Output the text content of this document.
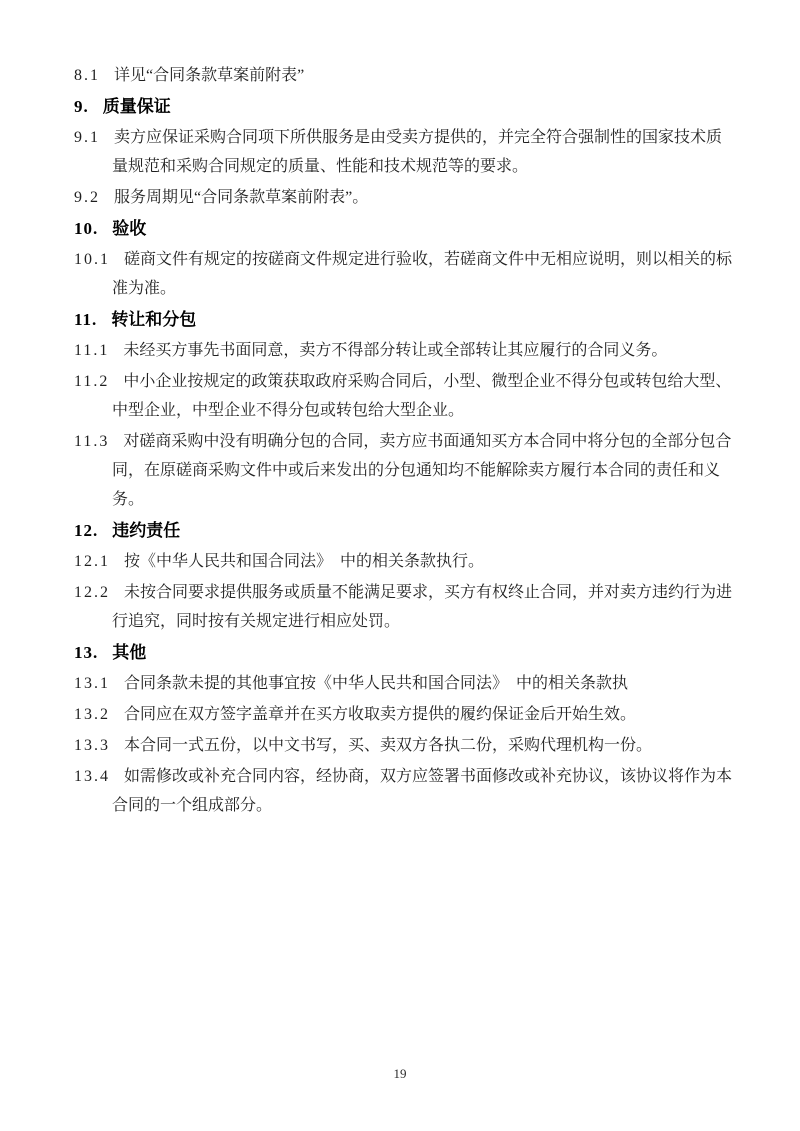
8.1 详见“合同条款草案前附表”
9. 质量保证
9.1 卖方应保证采购合同项下所供服务是由受卖方提供的，并完全符合强制性的国家技术质
量规范和采购合同规定的质量、性能和技术规范等的要求。
9.2 服务周期见“合同条款草案前附表”。
10. 验收
10.1 磋商文件有规定的按磋商文件规定进行验收，若磋商文件中无相应说明，则以相关的标
准为准。
11. 转让和分包
11.1 未经买方事先书面同意，卖方不得部分转让或全部转让其应履行的合同义务。
11.2 中小企业按规定的政策获取政府采购合同后，小型、微型企业不得分包或转包给大型、
中型企业，中型企业不得分包或转包给大型企业。
11.3 对磋商采购中没有明确分包的合同，卖方应书面通知买方本合同中将分包的全部分包合
同，在原磋商采购文件中或后来发出的分包通知均不能解除卖方履行本合同的责任和义
务。
12. 违约责任
12.1 按《中华人民共和国合同法》　中的相关条款执行。
12.2 未按合同要求提供服务或质量不能满足要求，买方有权终止合同，并对卖方违约行为进
行追究，同时按有关规定进行相应处罚。
13. 其他
13.1 合同条款未提的其他事宜按《中华人民共和国合同法》　中的相关条款执
13.2 合同应在双方签字盖章并在买方收取卖方提供的履约保证金后开始生效。
13.3 本合同一式五份，以中文书写，买、卖双方各执二份，采购代理机构一份。
13.4 如需修改或补充合同内容，经协商，双方应签署书面修改或补充协议，该协议将作为本
合同的一个组成部分。
19
